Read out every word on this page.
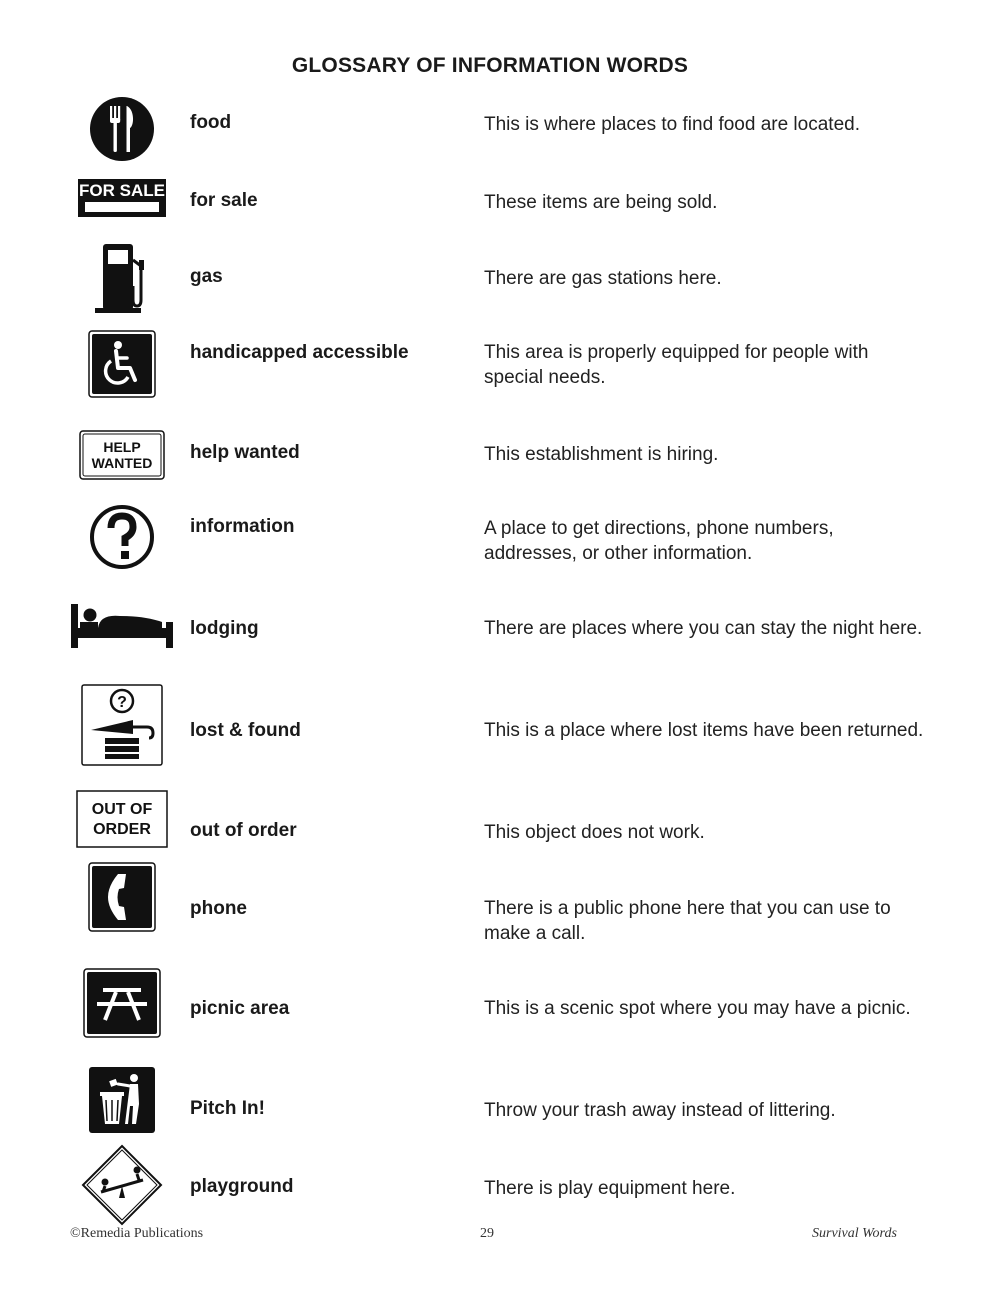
GLOSSARY OF INFORMATION WORDS
food	This is where places to find food are located.
FOR SALE for sale	These items are being sold.
gas	There are gas stations here.
handicapped accessible	This area is properly equipped for people with special needs.
HELP
WANTED help wanted	This establishment is hiring.
information	A place to get directions, phone numbers, addresses, or other information.
lodging	There are places where you can stay the night here.
?
lost & found	This is a place where lost items have been returned.
OUT OF
ORDER out of order	This object does not work.
phone	There is a public phone here that you can use to make a call.
picnic area	This is a scenic spot where you may have a picnic.
Pitch In!	Throw your trash away instead of littering.
playground	There is play equipment here.
©Remedia Publications	29	Survival Words
